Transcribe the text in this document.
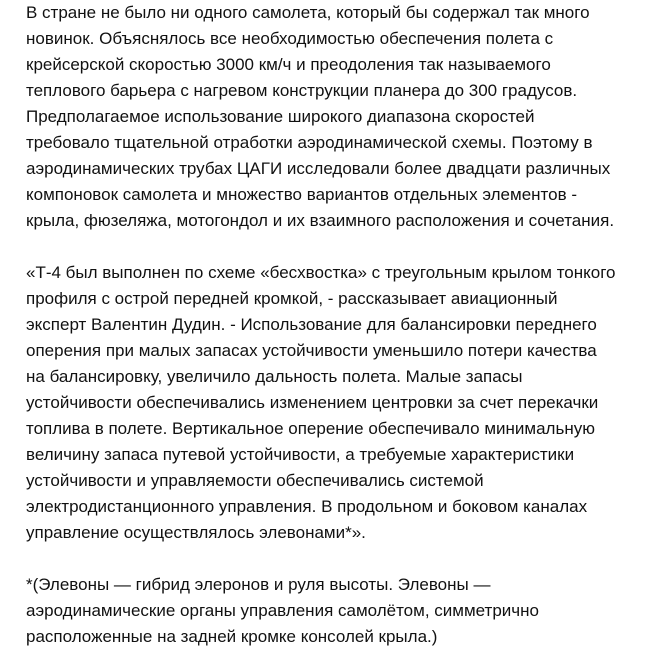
В стране не было ни одного самолета, который бы содержал так много
новинок. Объяснялось все необходимостью обеспечения полета с
крейсерской скоростью 3000 км/ч и преодоления так называемого
теплового барьера с нагревом конструкции планера до 300 градусов.
Предполагаемое использование широкого диапазона скоростей
требовало тщательной отработки аэродинамической схемы. Поэтому в
аэродинамических трубах ЦАГИ исследовали более двадцати различных
компоновок самолета и множество вариантов отдельных элементов -
крыла, фюзеляжа, мотогондол и их взаимного расположения и сочетания.
«Т-4 был выполнен по схеме «бесхвостка» с треугольным крылом тонкого
профиля с острой передней кромкой, - рассказывает авиационный
эксперт Валентин Дудин. - Использование для балансировки переднего
оперения при малых запасах устойчивости уменьшило потери качества
на балансировку, увеличило дальность полета. Малые запасы
устойчивости обеспечивались изменением центровки за счет перекачки
топлива в полете. Вертикальное оперение обеспечивало минимальную
величину запаса путевой устойчивости, а требуемые характеристики
устойчивости и управляемости обеспечивались системой
электродистанционного управления. В продольном и боковом каналах
управление осуществлялось элевонами*».
*(Элевоны — гибрид элеронов и руля высоты. Элевоны —
аэродинамические органы управления самолётом, симметрично
расположенные на задней кромке консолей крыла.)
